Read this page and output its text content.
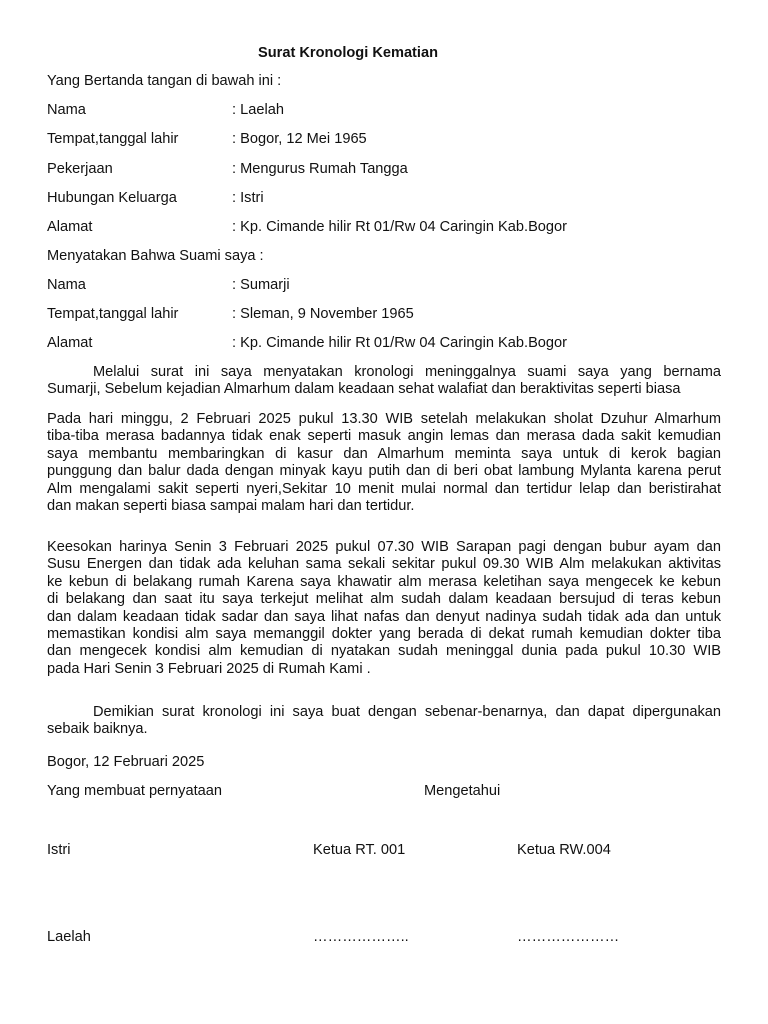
Surat Kronologi Kematian
Yang Bertanda tangan di bawah ini :
Nama	: Laelah
Tempat,tanggal lahir	: Bogor, 12 Mei 1965
Pekerjaan	: Mengurus Rumah Tangga
Hubungan Keluarga	: Istri
Alamat	: Kp. Cimande hilir Rt 01/Rw 04 Caringin Kab.Bogor
Menyatakan Bahwa Suami saya :
Nama	: Sumarji
Tempat,tanggal lahir	: Sleman, 9 November 1965
Alamat	: Kp. Cimande hilir Rt 01/Rw 04 Caringin Kab.Bogor
Melalui surat ini saya menyatakan kronologi meninggalnya suami saya yang bernama
Sumarji, Sebelum kejadian Almarhum dalam keadaan sehat walafiat dan beraktivitas seperti biasa
Pada hari minggu, 2 Februari 2025 pukul 13.30 WIB setelah melakukan sholat Dzuhur Almarhum
tiba-tiba merasa badannya tidak enak seperti masuk angin lemas dan merasa dada sakit kemudian
saya membantu membaringkan di kasur dan Almarhum meminta saya untuk di kerok bagian
punggung dan balur dada dengan minyak kayu putih dan di beri obat lambung Mylanta karena perut
Alm mengalami sakit seperti nyeri,Sekitar 10 menit mulai normal dan tertidur lelap dan beristirahat
dan makan seperti biasa sampai malam hari dan tertidur.
Keesokan harinya Senin 3 Februari 2025 pukul 07.30 WIB Sarapan pagi dengan bubur ayam dan
Susu Energen dan tidak ada keluhan sama sekali sekitar pukul 09.30 WIB Alm melakukan aktivitas
ke kebun di belakang rumah Karena saya khawatir alm merasa keletihan saya mengecek ke kebun
di belakang dan saat itu saya terkejut melihat alm sudah dalam keadaan bersujud di teras kebun
dan dalam keadaan tidak sadar dan saya lihat nafas dan denyut nadinya sudah tidak ada dan untuk
memastikan kondisi alm saya memanggil dokter yang berada di dekat rumah kemudian dokter tiba
dan mengecek kondisi alm kemudian di nyatakan sudah meninggal dunia pada pukul 10.30 WIB
pada Hari Senin 3 Februari 2025 di Rumah Kami .
Demikian surat kronologi ini saya buat dengan sebenar-benarnya, dan dapat dipergunakan
sebaik baiknya.
Bogor, 12 Februari 2025
Yang membuat pernyataan	Mengetahui
Istri	Ketua RT. 001	Ketua RW.004
Laelah	………………..	…………………
